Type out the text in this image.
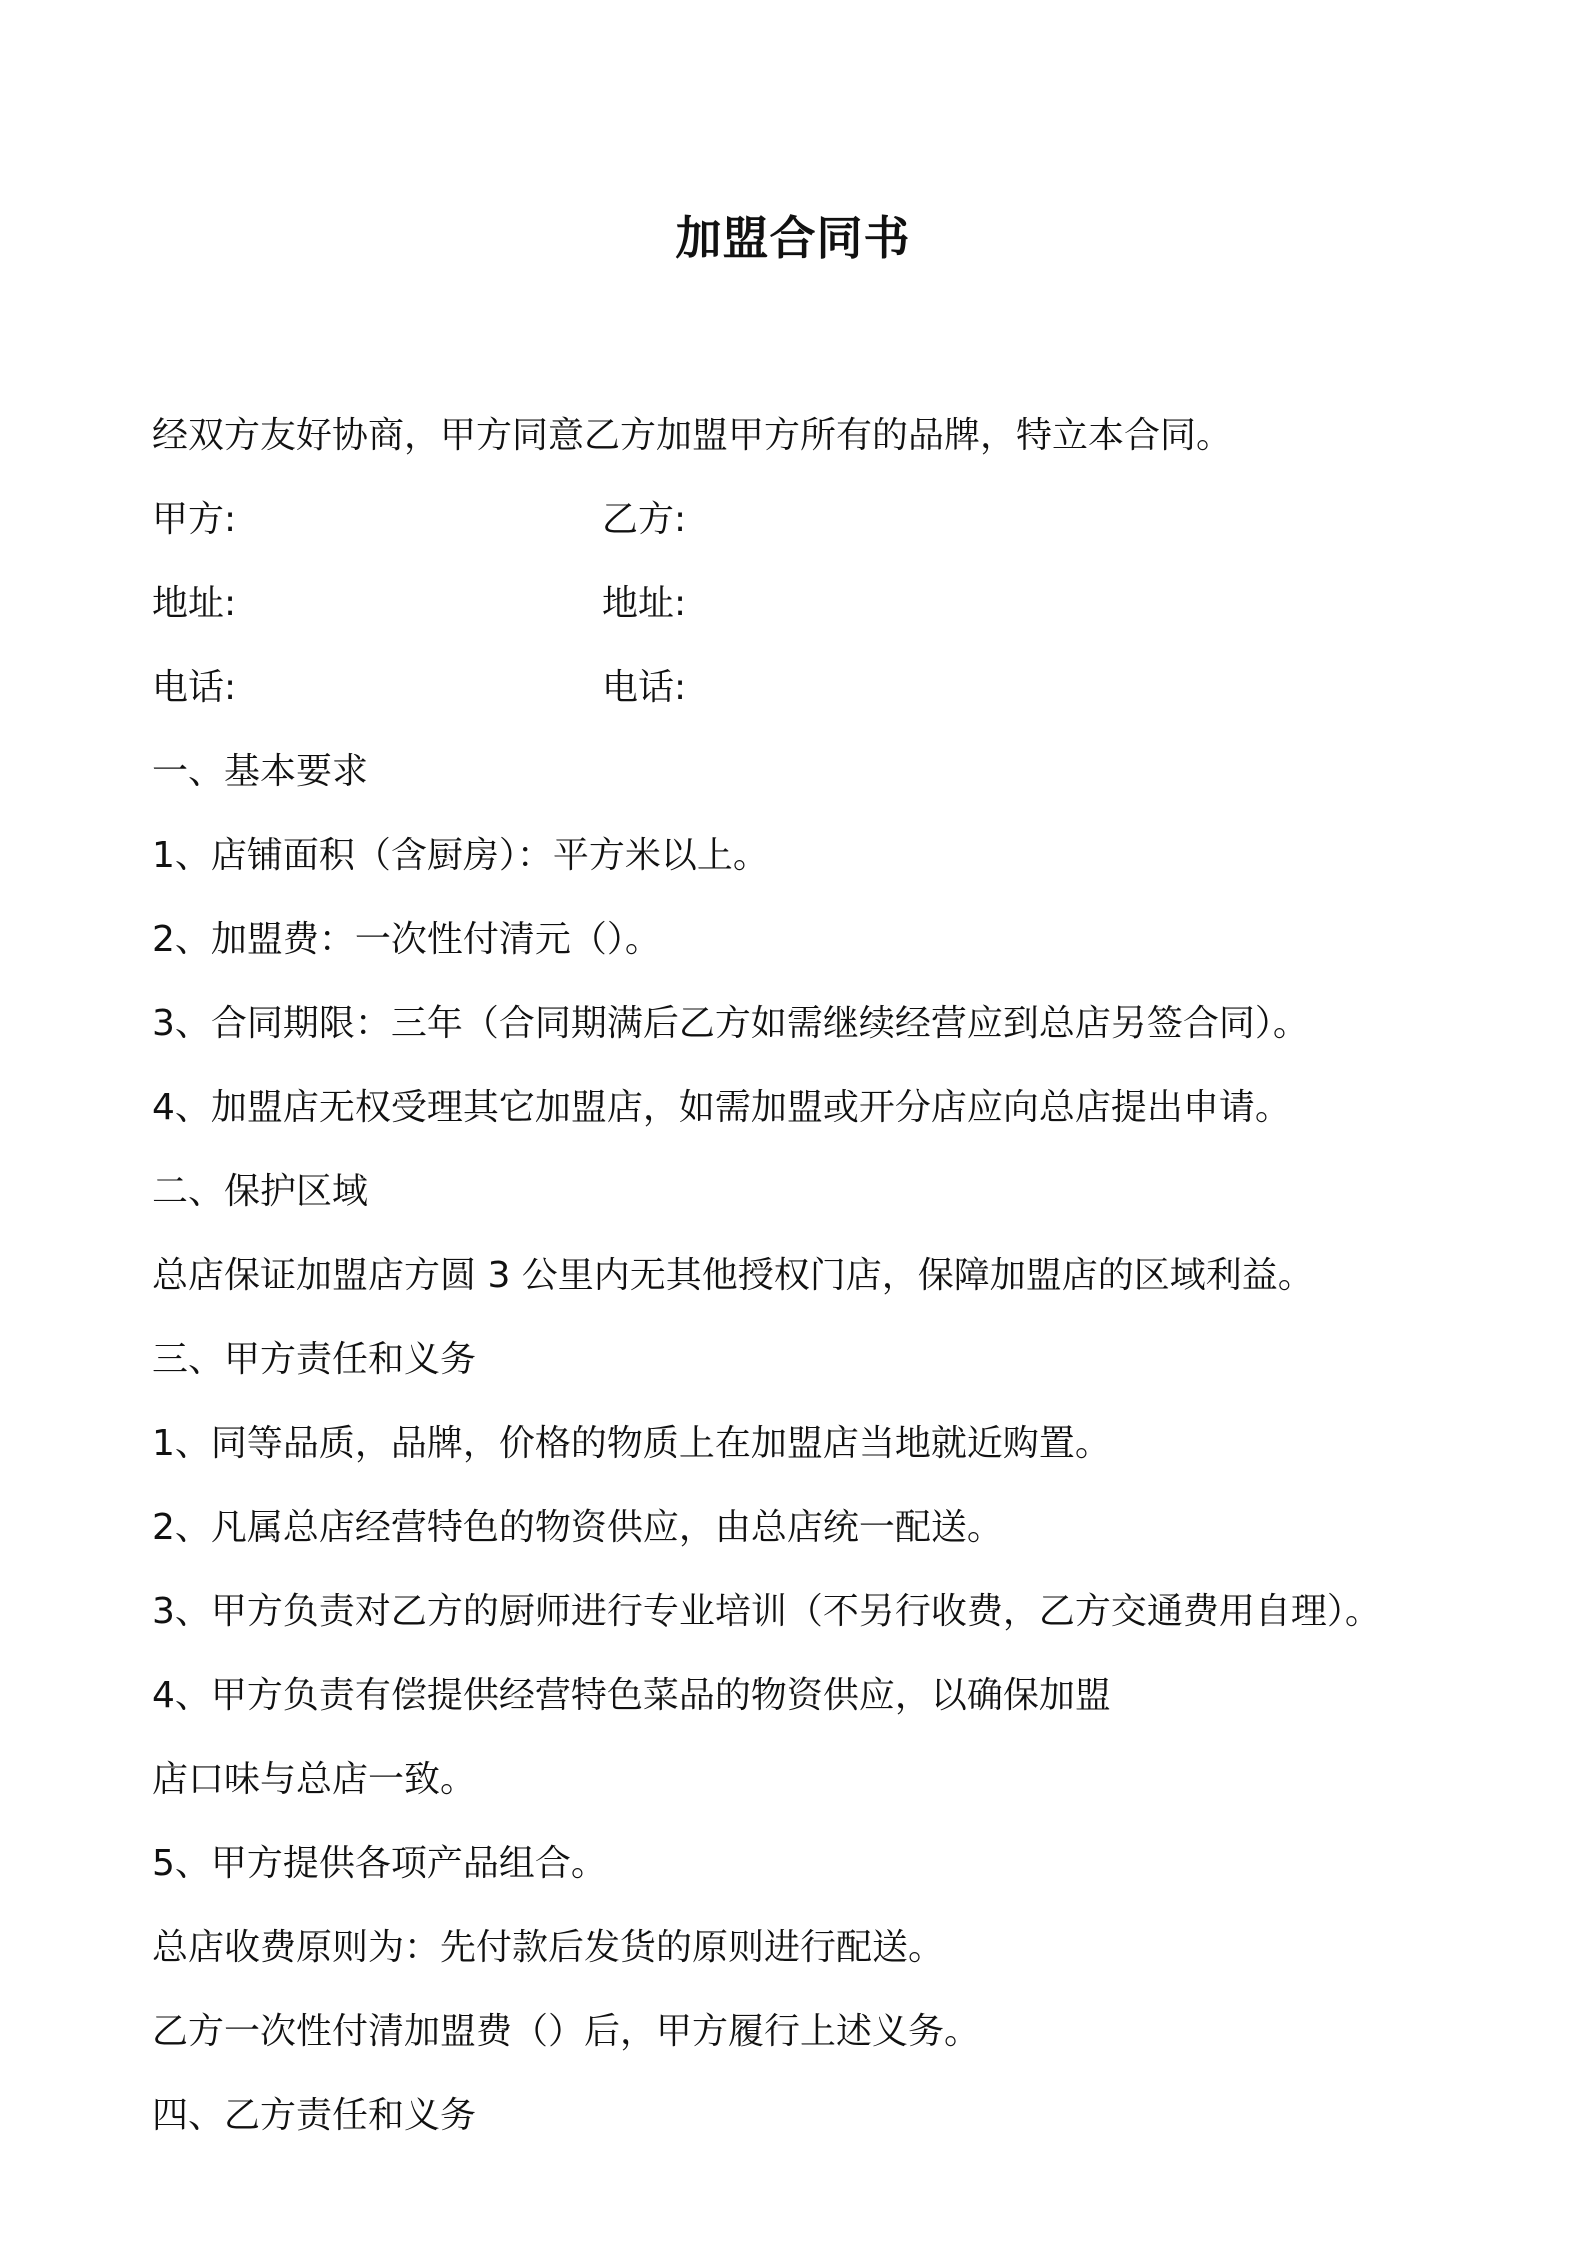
加盟合同书
经双方友好协商，甲方同意乙方加盟甲方所有的品牌，特立本合同。
甲方:	乙方:
地址:	地址:
电话:	电话:
一、基本要求
1、店铺面积（含厨房）：平方米以上。
2、加盟费：一次性付清元（）。
3、合同期限：三年（合同期满后乙方如需继续经营应到总店另签合同）。
4、加盟店无权受理其它加盟店，如需加盟或开分店应向总店提出申请。
二、保护区域
总店保证加盟店方圆 3 公里内无其他授权门店，保障加盟店的区域利益。
三、甲方责任和义务
1、同等品质，品牌，价格的物质上在加盟店当地就近购置。
2、凡属总店经营特色的物资供应，由总店统一配送。
3、甲方负责对乙方的厨师进行专业培训（不另行收费，乙方交通费用自理）。
4、甲方负责有偿提供经营特色菜品的物资供应，以确保加盟
店口味与总店一致。
5、甲方提供各项产品组合。
总店收费原则为：先付款后发货的原则进行配送。
乙方一次性付清加盟费（）后，甲方履行上述义务。
四、乙方责任和义务
